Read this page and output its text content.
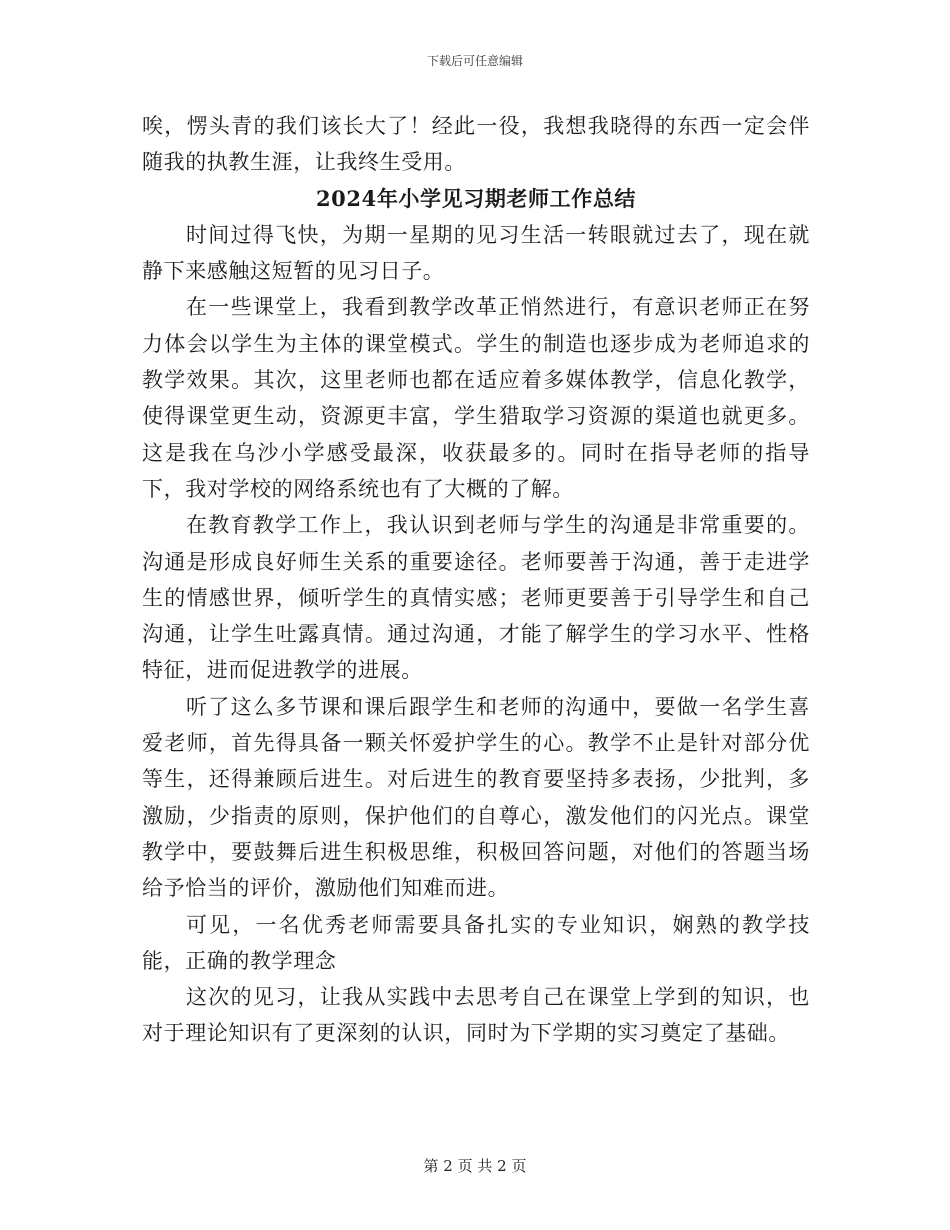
下载后可任意编辑

唉，愣头青的我们该长大了！经此一役，我想我晓得的东西一定会伴随我的执教生涯，让我终生受用。

2024年小学见习期老师工作总结

时间过得飞快，为期一星期的见习生活一转眼就过去了，现在就静下来感触这短暂的见习日子。

在一些课堂上，我看到教学改革正悄然进行，有意识老师正在努力体会以学生为主体的课堂模式。学生的制造也逐步成为老师追求的教学效果。其次，这里老师也都在适应着多媒体教学，信息化教学，使得课堂更生动，资源更丰富，学生猎取学习资源的渠道也就更多。这是我在乌沙小学感受最深，收获最多的。同时在指导老师的指导下，我对学校的网络系统也有了大概的了解。

在教育教学工作上，我认识到老师与学生的沟通是非常重要的。沟通是形成良好师生关系的重要途径。老师要善于沟通，善于走进学生的情感世界，倾听学生的真情实感；老师更要善于引导学生和自己沟通，让学生吐露真情。通过沟通，才能了解学生的学习水平、性格特征，进而促进教学的进展。

听了这么多节课和课后跟学生和老师的沟通中，要做一名学生喜爱老师，首先得具备一颗关怀爱护学生的心。教学不止是针对部分优等生，还得兼顾后进生。对后进生的教育要坚持多表扬，少批判，多激励，少指责的原则，保护他们的自尊心，激发他们的闪光点。课堂教学中，要鼓舞后进生积极思维，积极回答问题，对他们的答题当场给予恰当的评价，激励他们知难而进。

可见，一名优秀老师需要具备扎实的专业知识，娴熟的教学技能，正确的教学理念

这次的见习，让我从实践中去思考自己在课堂上学到的知识，也对于理论知识有了更深刻的认识，同时为下学期的实习奠定了基础。

第 2 页 共 2 页
